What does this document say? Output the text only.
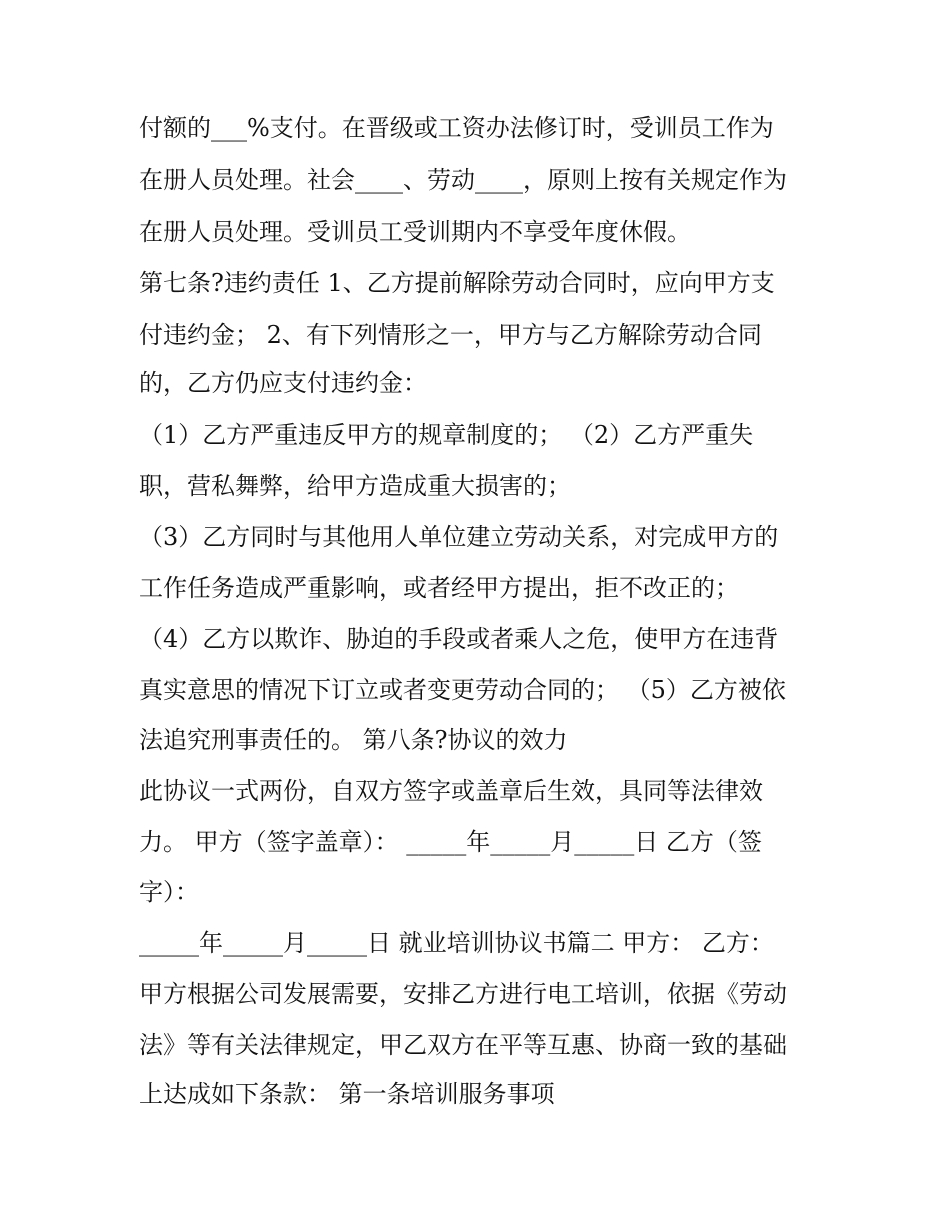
付额的___%支付。在晋级或工资办法修订时，受训员工作为
在册人员处理。社会____、劳动____，原则上按有关规定作为
在册人员处理。受训员工受训期内不享受年度休假。
第七条?违约责任 1、乙方提前解除劳动合同时，应向甲方支
付违约金； 2、有下列情形之一，甲方与乙方解除劳动合同
的，乙方仍应支付违约金：
（1）乙方严重违反甲方的规章制度的； （2）乙方严重失
职，营私舞弊，给甲方造成重大损害的；
（3）乙方同时与其他用人单位建立劳动关系，对完成甲方的
工作任务造成严重影响，或者经甲方提出，拒不改正的；
（4）乙方以欺诈、胁迫的手段或者乘人之危，使甲方在违背
真实意思的情况下订立或者变更劳动合同的； （5）乙方被依
法追究刑事责任的。 第八条?协议的效力
此协议一式两份，自双方签字或盖章后生效，具同等法律效
力。 甲方（签字盖章）： _____年_____月_____日 乙方（签
字）：
_____年_____月_____日 就业培训协议书篇二 甲方： 乙方：
甲方根据公司发展需要，安排乙方进行电工培训，依据《劳动
法》等有关法律规定，甲乙双方在平等互惠、协商一致的基础
上达成如下条款： 第一条培训服务事项
